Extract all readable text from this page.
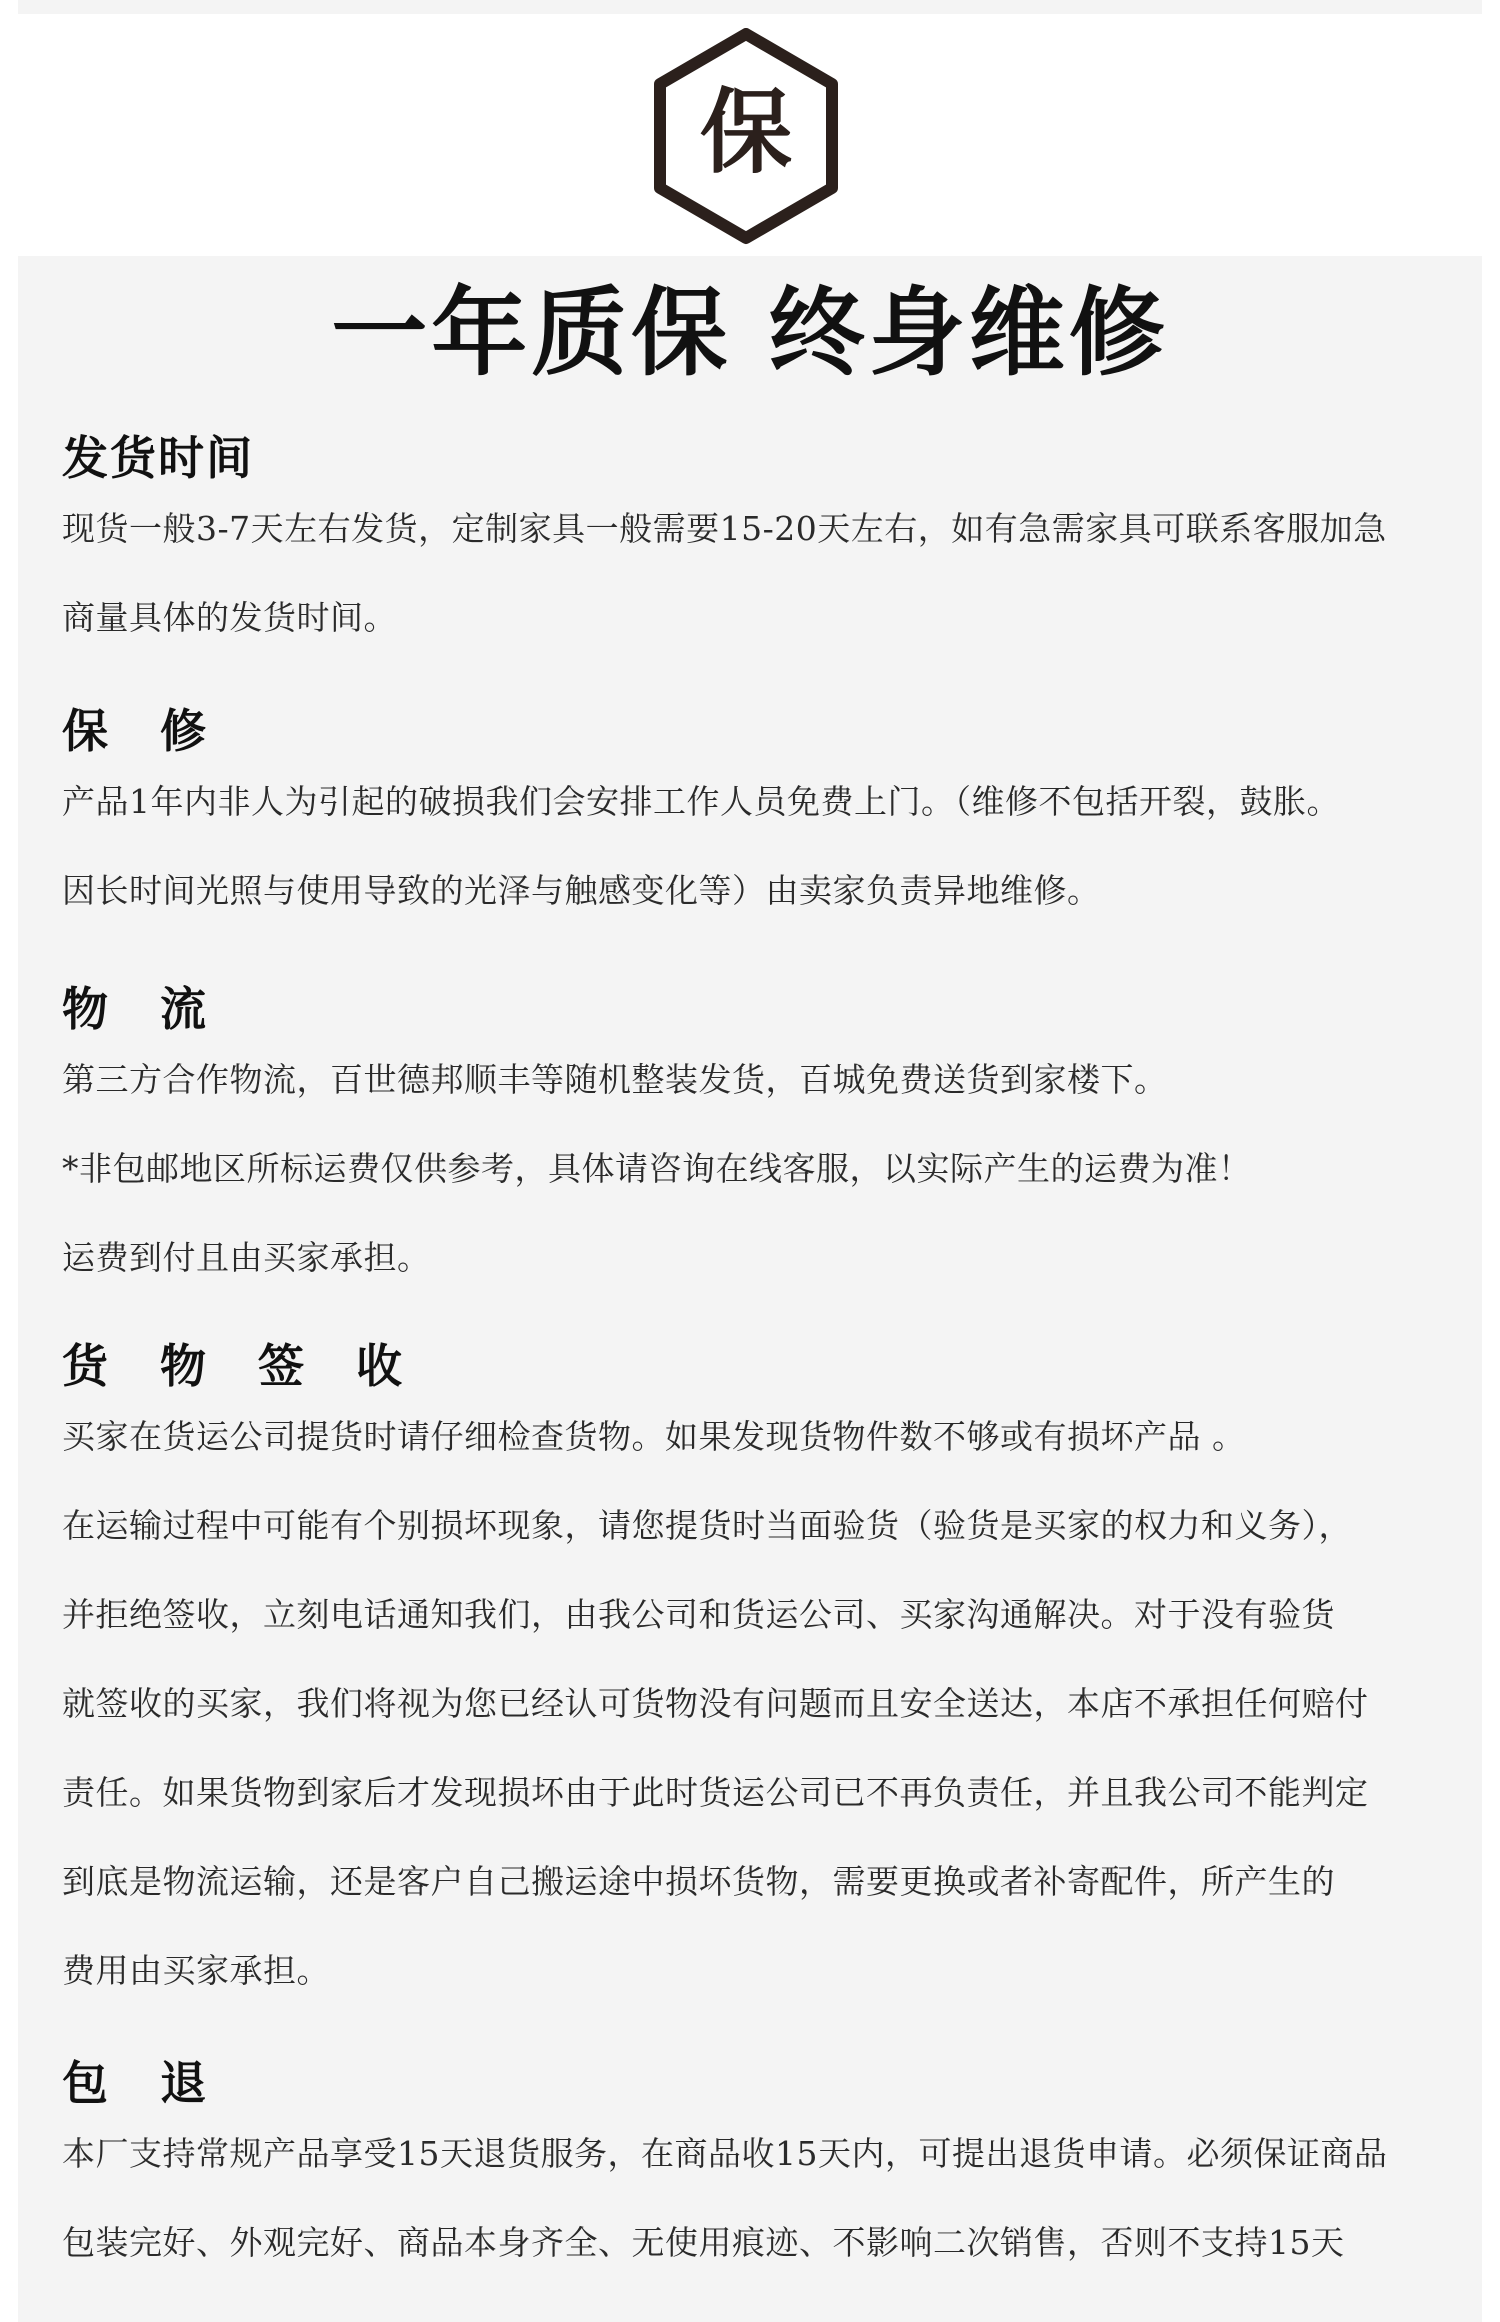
保
一年质保 终身维修
发货时间

现货一般3-7天左右发货，定制家具一般需要15-20天左右，如有急需家具可联系客服加急

商量具体的发货时间。

保 修

产品1年内非人为引起的破损我们会安排工作人员免费上门。（维修不包括开裂，鼓胀。

因长时间光照与使用导致的光泽与触感变化等）由卖家负责异地维修。

物 流

第三方合作物流，百世德邦顺丰等随机整装发货，百城免费送货到家楼下。

*非包邮地区所标运费仅供参考，具体请咨询在线客服，以实际产生的运费为准！

运费到付且由买家承担。

货 物 签 收

买家在货运公司提货时请仔细检查货物。如果发现货物件数不够或有损坏产品 。

在运输过程中可能有个别损坏现象，请您提货时当面验货（验货是买家的权力和义务），

并拒绝签收，立刻电话通知我们，由我公司和货运公司、买家沟通解决。对于没有验货

就签收的买家，我们将视为您已经认可货物没有问题而且安全送达，本店不承担任何赔付

责任。如果货物到家后才发现损坏由于此时货运公司已不再负责任，并且我公司不能判定

到底是物流运输，还是客户自己搬运途中损坏货物，需要更换或者补寄配件，所产生的

费用由买家承担。

包 退

本厂支持常规产品享受15天退货服务，在商品收15天内，可提出退货申请。必须保证商品

包装完好、外观完好、商品本身齐全、无使用痕迹、不影响二次销售，否则不支持15天
